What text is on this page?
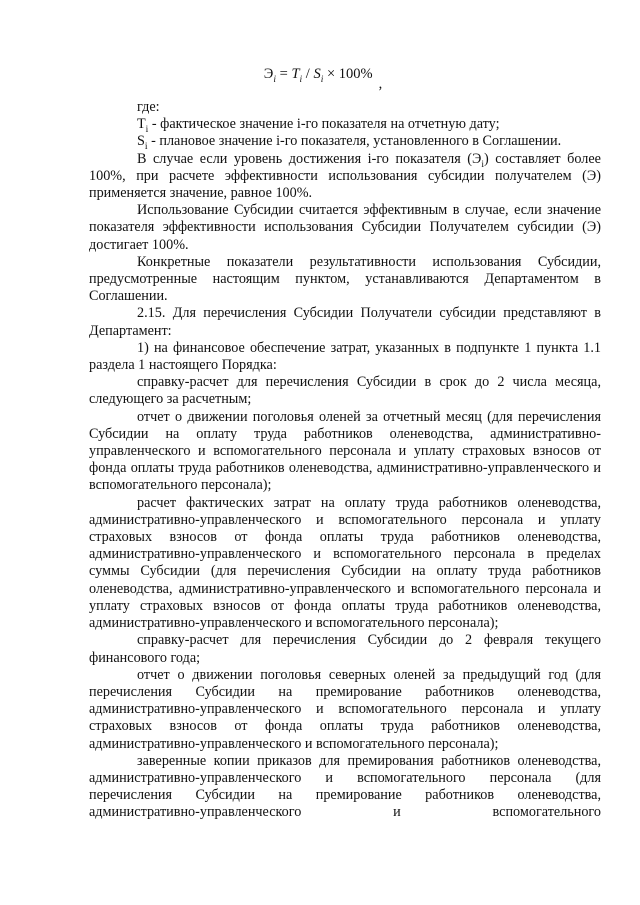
$Э_i = T_i / S_i \times 100\%$,

где:

$T_i$ - фактическое значение i-го показателя на отчетную дату;

$S_i$ - плановое значение i-го показателя, установленного в Соглашении.

В случае если уровень достижения i-го показателя $(Э_i)$ составляет более 100%, при расчете эффективности использования субсидии получателем (Э) применяется значение, равное 100%.

Использование Субсидии считается эффективным в случае, если значение показателя эффективности использования Субсидии Получателем субсидии (Э) достигает 100%.

Конкретные показатели результативности использования Субсидии, предусмотренные настоящим пунктом, устанавливаются Департаментом в Соглашении.

2.15. Для перечисления Субсидии Получатели субсидии представляют в Департамент:

1) на финансовое обеспечение затрат, указанных в подпункте 1 пункта 1.1 раздела 1 настоящего Порядка:

справку-расчет для перечисления Субсидии в срок до 2 числа месяца, следующего за расчетным;

отчет о движении поголовья оленей за отчетный месяц (для перечисления Субсидии на оплату труда работников оленеводства, административно-управленческого и вспомогательного персонала и уплату страховых взносов от фонда оплаты труда работников оленеводства, административно-управленческого и вспомогательного персонала);

расчет фактических затрат на оплату труда работников оленеводства, административно-управленческого и вспомогательного персонала и уплату страховых взносов от фонда оплаты труда работников оленеводства, административно-управленческого и вспомогательного персонала в пределах суммы Субсидии (для перечисления Субсидии на оплату труда работников оленеводства, административно-управленческого и вспомогательного персонала и уплату страховых взносов от фонда оплаты труда работников оленеводства, административно-управленческого и вспомогательного персонала);

справку-расчет для перечисления Субсидии до 2 февраля текущего финансового года;

отчет о движении поголовья северных оленей за предыдущий год (для перечисления Субсидии на премирование работников оленеводства, административно-управленческого и вспомогательного персонала и уплату страховых взносов от фонда оплаты труда работников оленеводства, административно-управленческого и вспомогательного персонала);

заверенные копии приказов для премирования работников оленеводства, административно-управленческого и вспомогательного персонала (для перечисления Субсидии на премирование работников оленеводства, административно-управленческого и вспомогательного
